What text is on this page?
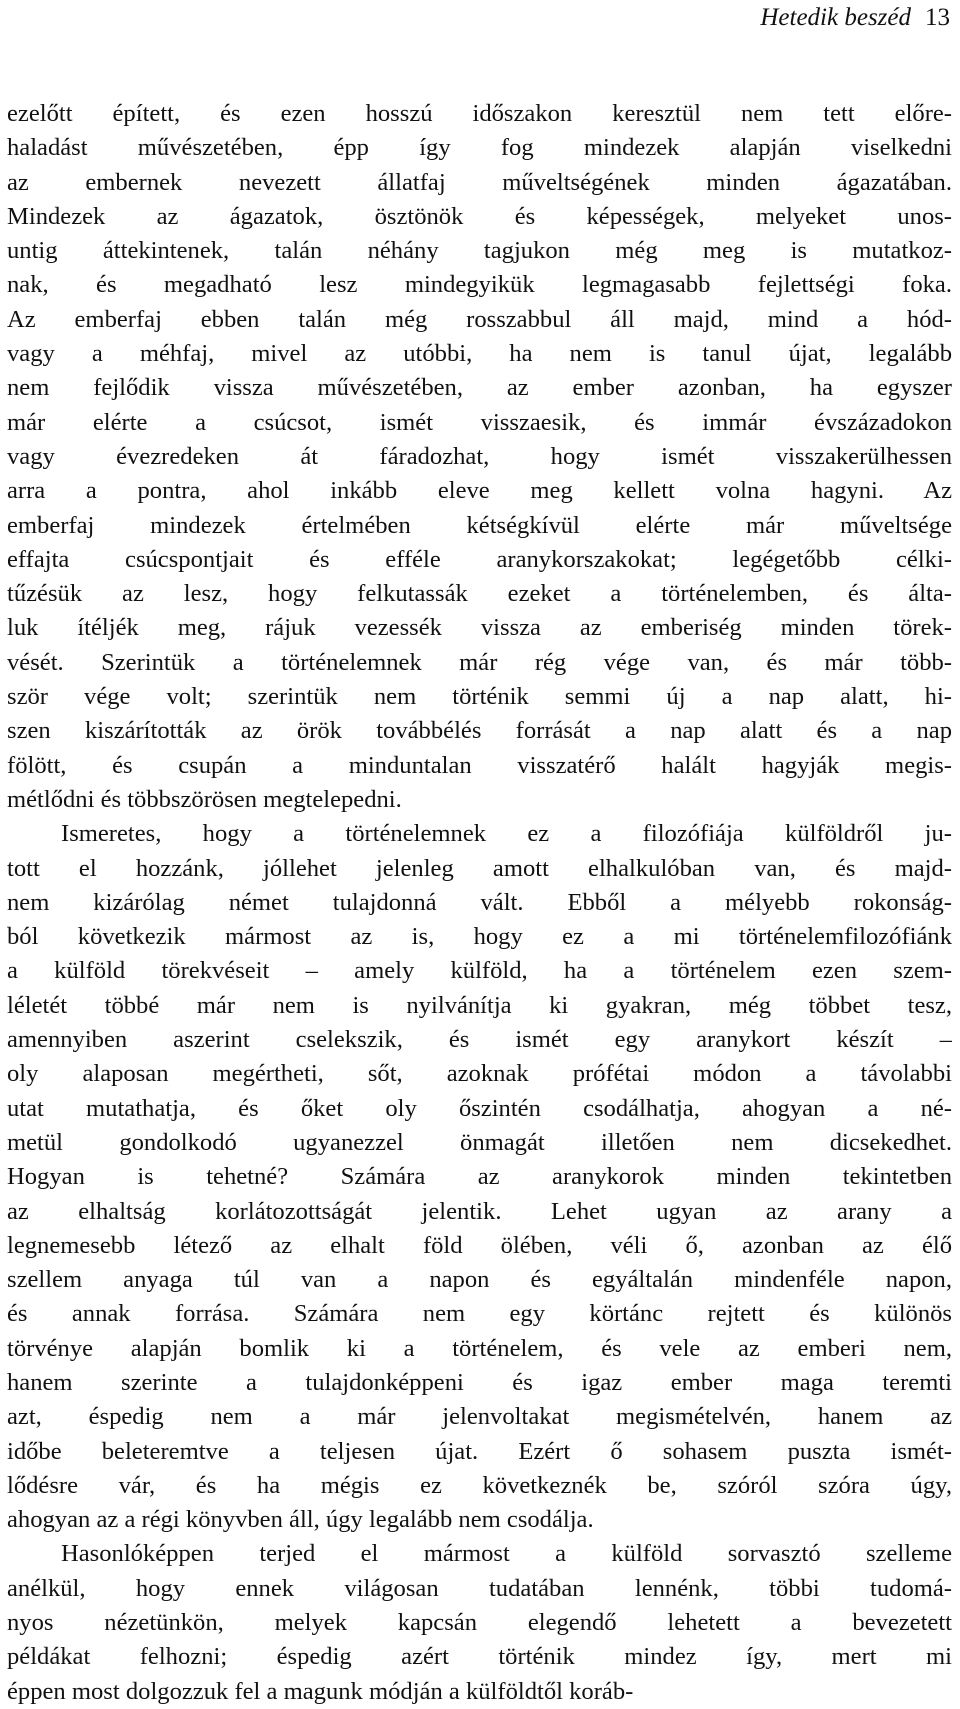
Hetedik beszéd 13
ezelőtt épített, és ezen hosszú időszakon keresztül nem tett előre-
haladást művészetében, épp így fog mindezek alapján viselkedni
az embernek nevezett állatfaj műveltségének minden ágazatában.
Mindezek az ágazatok, ösztönök és képességek, melyeket unos-
untig áttekintenek, talán néhány tagjukon még meg is mutatkoz-
nak, és megadható lesz mindegyikük legmagasabb fejlettségi foka.
Az emberfaj ebben talán még rosszabbul áll majd, mind a hód-
vagy a méhfaj, mivel az utóbbi, ha nem is tanul újat, legalább
nem fejlődik vissza művészetében, az ember azonban, ha egyszer
már elérte a csúcsot, ismét visszaesik, és immár évszázadokon
vagy évezredeken át fáradozhat, hogy ismét visszakerülhessen
arra a pontra, ahol inkább eleve meg kellett volna hagyni. Az
emberfaj mindezek értelmében kétségkívül elérte már műveltsége
effajta csúcspontjait és efféle aranykorszakokat; legégetőbb célki-
tűzésük az lesz, hogy felkutassák ezeket a történelemben, és álta-
luk ítéljék meg, rájuk vezessék vissza az emberiség minden törek-
vését. Szerintük a történelemnek már rég vége van, és már több-
ször vége volt; szerintük nem történik semmi új a nap alatt, hi-
szen kiszárították az örök továbbélés forrását a nap alatt és a nap
fölött, és csupán a minduntalan visszatérő halált hagyják megis-
métlődni és többszörösen megtelepedni.
Ismeretes, hogy a történelemnek ez a filozófiája külföldről ju-
tott el hozzánk, jóllehet jelenleg amott elhalkulóban van, és majd-
nem kizárólag német tulajdonná vált. Ebből a mélyebb rokonság-
ból következik mármost az is, hogy ez a mi történelemfilozófiánk
a külföld törekvéseit – amely külföld, ha a történelem ezen szem-
léletét többé már nem is nyilvánítja ki gyakran, még többet tesz,
amennyiben aszerint cselekszik, és ismét egy aranykort készít –
oly alaposan megértheti, sőt, azoknak prófétai módon a távolabbi
utat mutathatja, és őket oly őszintén csodálhatja, ahogyan a né-
metül gondolkodó ugyanezzel önmagát illetően nem dicsekedhet.
Hogyan is tehetné? Számára az aranykorok minden tekintetben
az elhaltság korlátozottságát jelentik. Lehet ugyan az arany a
legnemesebb létező az elhalt föld ölében, véli ő, azonban az élő
szellem anyaga túl van a napon és egyáltalán mindenféle napon,
és annak forrása. Számára nem egy körtánc rejtett és különös
törvénye alapján bomlik ki a történelem, és vele az emberi nem,
hanem szerinte a tulajdonképpeni és igaz ember maga teremti
azt, éspedig nem a már jelenvoltakat megismételvén, hanem az
időbe beleteremtve a teljesen újat. Ezért ő sohasem puszta ismét-
lődésre vár, és ha mégis ez következnék be, szóról szóra úgy,
ahogyan az a régi könyvben áll, úgy legalább nem csodálja.
Hasonlóképpen terjed el mármost a külföld sorvasztó szelleme
anélkül, hogy ennek világosan tudatában lennénk, többi tudomá-
nyos nézetünkön, melyek kapcsán elegendő lehetett a bevezetett
példákat felhozni; éspedig azért történik mindez így, mert mi
éppen most dolgozzuk fel a magunk módján a külföldtől koráb-
